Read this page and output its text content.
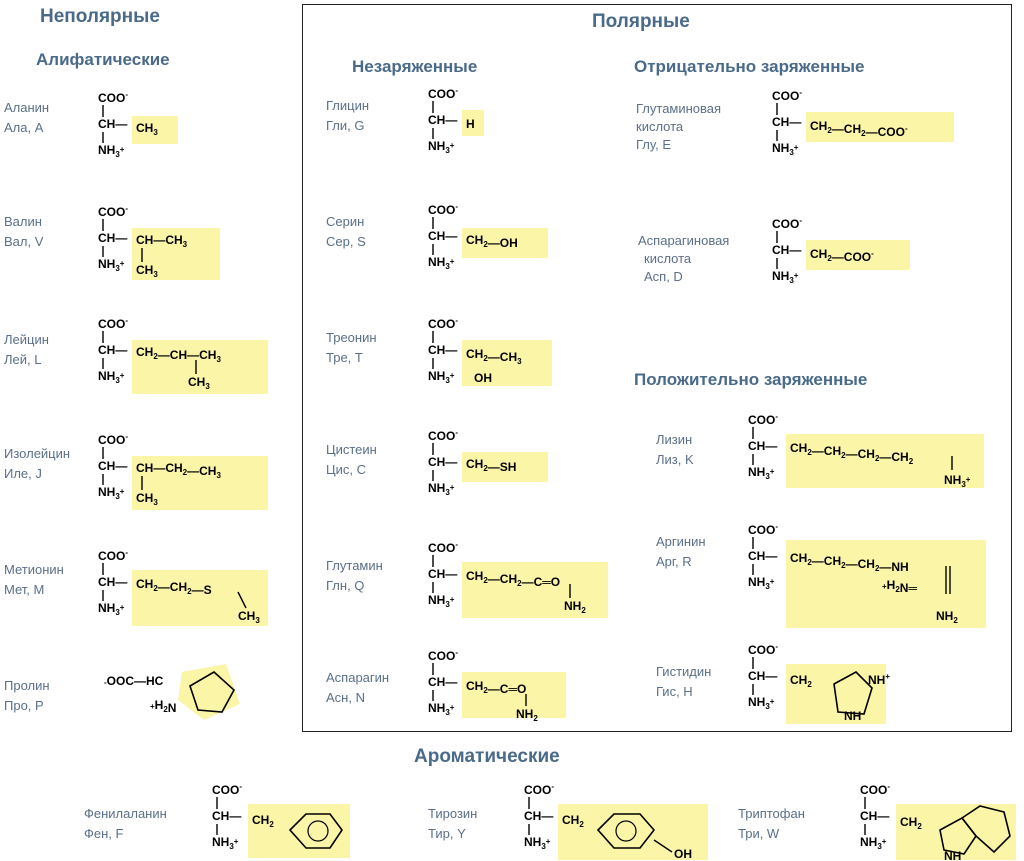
Неполярные
Алифатические
Полярные
Незаряженные	Отрицательно заряженные
Положительно заряженные
Ароматические
Аланин
Ала, A
Валин
Вал, V
Лейцин
Лей, L
Изолейцин
Иле, J
Метионин
Мет, M
Пролин
Про, P
Глицин
Гли, G
Серин
Сер, S
Треонин
Тре, T
Цистеин
Цис, C
Глутамин
Глн, Q
Аспарагин
Асн, N
Глутаминовая
кислота
Глу, E
Аспарагиновая
кислота
Асп, D
Лизин
Лиз, K
Аргинин
Арг, R
Гистидин
Гис, H
Фенилаланин
Фен, F
Тирозин
Тир, Y
Триптофан
Три, W
COO-
CH—
$NH_3^+$
$CH_3$
COO-
CH—
$NH_3^+$
$CH—CH_3$
$CH_3$
COO-
CH—
$NH_3^+$
$CH_2—CH—CH_3$
$CH_3$
COO-
CH—
$NH_3^+$
$CH—CH_2—CH_3$
$CH_3$
COO-
CH—
$NH_3^+$
$CH_2—CH_2—S$
$CH_3$
-OOC—HC
$^+H_2N$
COO-
CH—
$NH_3^+$
H
COO-
CH—
$NH_3^+$
$CH_2—OH$
COO-
CH—
$NH_3^+$
$CH_2—CH_3$
OH
COO-
CH—
$NH_3^+$
$CH_2—SH$
COO-
CH—
$NH_3^+$
$CH_2—CH_2—C═O$
$NH_2$
COO-
CH—
$NH_3^+$
$CH_2—C═O$
$NH_2$
COO-
CH—
$NH_3^+$
$CH_2—CH_2—COO^-$
COO-
CH—
$NH_3^+$
$CH_2—COO^-$
COO-
CH—
$NH_3^+$
$CH_2—CH_2—CH_2—CH_2$
$NH_3^+$
COO-
CH—
$NH_3^+$
$CH_2—CH_2—CH_2—NH$
$^+H_2N═$
$NH_2$
COO-
CH—
$NH_3^+$
$CH_2$	NH+
NH
COO-
CH—
$NH_3^+$
$CH_2$
COO-
CH—
$NH_3^+$
$CH_2$
OH
COO-
CH—
$NH_3^+$
$CH_2$
NH
